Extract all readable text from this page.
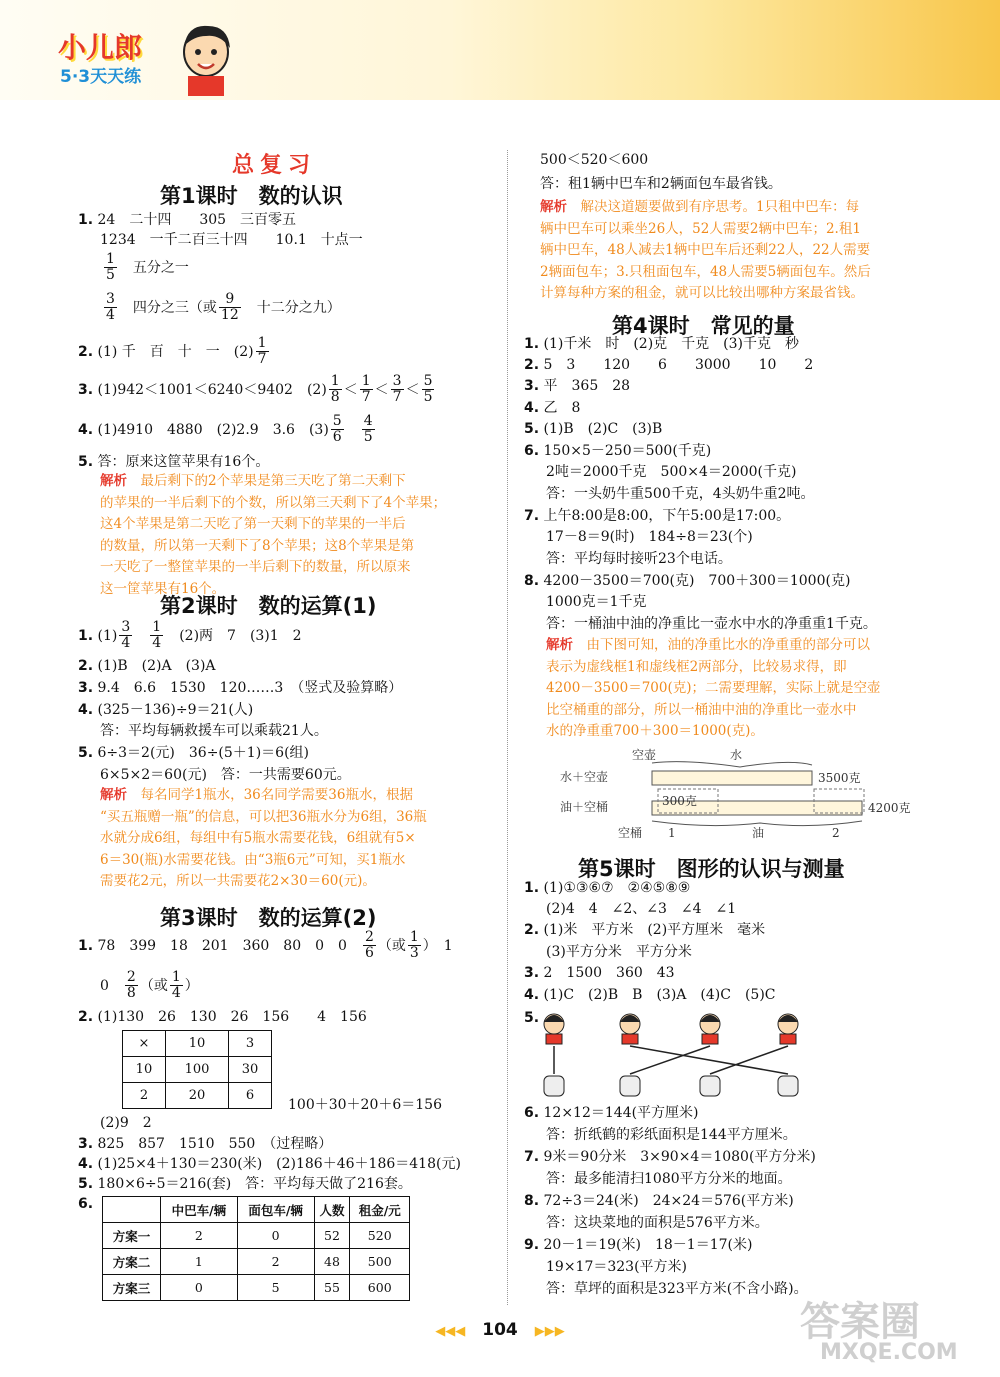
小儿郎
5·3天天练
总复习
第1课时　数的认识
1. 24　二十四　　305　三百零五
1234　一千二百三十四　　10.1　十点一
$\frac{1}{5}$
　 五分之一
$\frac{3}{4}$
　 四分之三（或 $\frac{9}{12}$
　 十二分之九）
2. (1) 千　百　十　一　$(2) \frac{1}{7}$
3. (1)942＜1001＜6240＜9402　$(2) \frac{1}{8} < \frac{1}{7} < \frac{3}{7} < \frac{5}{5}$
4. (1)4910　4880　(2)2.9　3.6　$(3) \frac{5}{6}$
　 $\frac{4}{5}$
5. 答：原来这筐苹果有16个。
解析　 最后剩下的2个苹果是第三天吃了第二天剩下
的苹果的一半后剩下的个数，所以第三天剩下了4个苹果；
这4个苹果是第二天吃了第一天剩下的苹果的一半后
的数量，所以第一天剩下了8个苹果；这8个苹果是第
一天吃了一整筐苹果的一半后剩下的数量，所以原来
这一筐苹果有16个。
第2课时　数的运算(1)
1. $(1) \frac{3}{4}$
　 $\frac{1}{4}$
　 (2)两　7　(3)1　2
2. (1)B　(2)A　(3)A
3. 9.4　6.6　1530　120……3　（竖式及验算略）
4. (325－136)÷9＝21(人)
答：平均每辆救援车可以乘载21人。
5. 6÷3＝2(元)　36÷(5＋1)＝6(组)
6×5×2＝60(元)　答：一共需要60元。
解析　 每名同学1瓶水，36名同学需要36瓶水，根据
“买五瓶赠一瓶”的信息，可以把36瓶水分为6组，36瓶
水就分成6组，每组中有5瓶水需要花钱，6组就有5×
6＝30(瓶)水需要花钱。由“3瓶6元”可知，买1瓶水
需要花2元，所以一共需要花2×30＝60(元)。
第3课时　数的运算(2)
1. 78　399　18　201　360　80　0　0　 $\frac{2}{6}$ （或 $\frac{1}{3}$ ）　1
0　 $\frac{2}{8}$ （或 $\frac{1}{4}$ ）
2. (1)130　26　130　26　156　　4　156
×	10	3
10	100	30
2	20	6
100＋30＋20＋6＝156
(2)9　2
3. 825　857　1510　550　（过程略）
4. (1)25×4＋130＝230(米)　(2)186＋46＋186＝418(元)
5. 180×6÷5＝216(套)　答：平均每天做了216套。
6.
		中巴车/辆	面包车/辆	人数	租金/元
方案一	2	0	52	520
方案二	1	2	48	500
方案三	0	5	55	600
500＜520＜600
答：租1辆中巴车和2辆面包车最省钱。
解析　 解决这道题要做到有序思考。1只租中巴车：每
辆中巴车可以乘坐26人，52人需要2辆中巴车；2.租1
辆中巴车，48人减去1辆中巴车后还剩22人，22人需要
2辆面包车；3.只租面包车，48人需要5辆面包车。然后
计算每种方案的租金，就可以比较出哪种方案最省钱。
第4课时　常见的量
1. (1)千米　时　(2)克　千克　(3)千克　秒
2. 5　3　　120　　6　　3000　　10　　2
3. 平　365　28
4. 乙　8
5. (1)B　(2)C　(3)B
6. 150×5－250＝500(千克)
2吨＝2000千克　500×4＝2000(千克)
答：一头奶牛重500千克，4头奶牛重2吨。
7. 上午8:00是8:00，下午5:00是17:00。
17－8＝9(时)　184÷8＝23(个)
答：平均每时接听23个电话。
8. 4200－3500＝700(克)　700＋300＝1000(克)
1000克＝1千克
答：一桶油中油的净重比一壶水中水的净重重1千克。
解析　 由下图可知，油的净重比水的净重重的部分可以
表示为虚线框1和虚线框2两部分，比较易求得，即
4200－3500＝700(克)；二需要理解，实际上就是空壶
比空桶重的部分，所以一桶油中油的净重比一壶水中
水的净重重700＋300＝1000(克)。
空壶	水
水＋空壶	3500克
油＋空桶	300克	4200克
空桶 1	油	2
第5课时　图形的认识与测量
1. (1)①③⑥⑦　②④⑤⑧⑨
(2)4　4　∠2、∠3　∠4　∠1
2. (1)米　平方米　(2)平方厘米　毫米
(3)平方分米　平方分米
3. 2　1500　360　43
4. (1)C　(2)B　B　(3)A　(4)C　(5)C
5.
6. 12×12＝144(平方厘米)
答：折纸鹤的彩纸面积是144平方厘米。
7. 9米＝90分米　3×90×4＝1080(平方分米)
答：最多能清扫1080平方分米的地面。
8. 72÷3＝24(米)　24×24＝576(平方米)
答：这块菜地的面积是576平方米。
9. 20－1＝19(米)　18－1＝17(米)
19×17＝323(平方米)
答：草坪的面积是323平方米(不含小路)。
◀◀◀　 104　 ▶▶▶	答案圈
MXQE.COM
